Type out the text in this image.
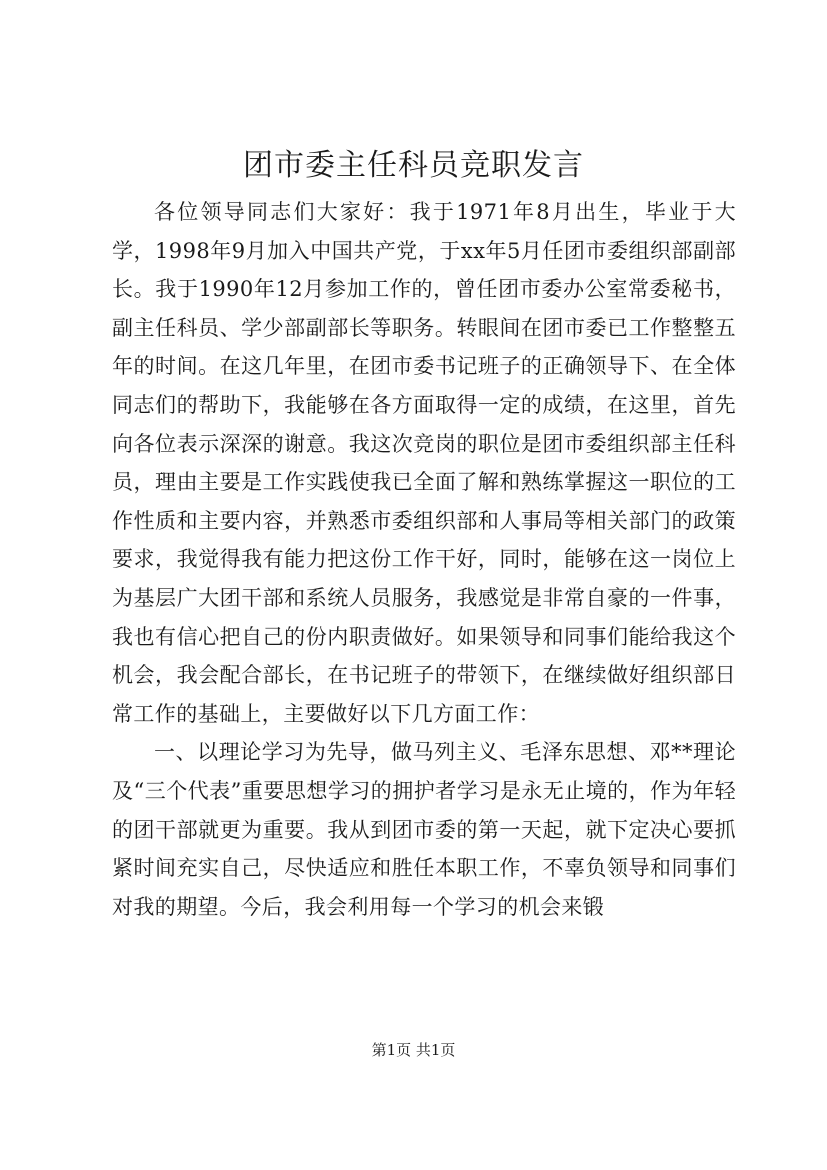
团市委主任科员竞职发言

各位领导同志们大家好：我于1971年8月出生，毕业于大学，1998年9月加入中国共产党，于xx年5月任团市委组织部副部长。我于1990年12月参加工作的，曾任团市委办公室常委秘书，副主任科员、学少部副部长等职务。转眼间在团市委已工作整整五年的时间。在这几年里，在团市委书记班子的正确领导下、在全体同志们的帮助下，我能够在各方面取得一定的成绩，在这里，首先向各位表示深深的谢意。我这次竞岗的职位是团市委组织部主任科员，理由主要是工作实践使我已全面了解和熟练掌握这一职位的工作性质和主要内容，并熟悉市委组织部和人事局等相关部门的政策要求，我觉得我有能力把这份工作干好，同时，能够在这一岗位上为基层广大团干部和系统人员服务，我感觉是非常自豪的一件事，我也有信心把自己的份内职责做好。如果领导和同事们能给我这个机会，我会配合部长，在书记班子的带领下，在继续做好组织部日常工作的基础上，主要做好以下几方面工作：

一、以理论学习为先导，做马列主义、毛泽东思想、邓**理论及“三个代表”重要思想学习的拥护者学习是永无止境的，作为年轻的团干部就更为重要。我从到团市委的第一天起，就下定决心要抓紧时间充实自己，尽快适应和胜任本职工作，不辜负领导和同事们对我的期望。今后，我会利用每一个学习的机会来锻

第1页 共1页
